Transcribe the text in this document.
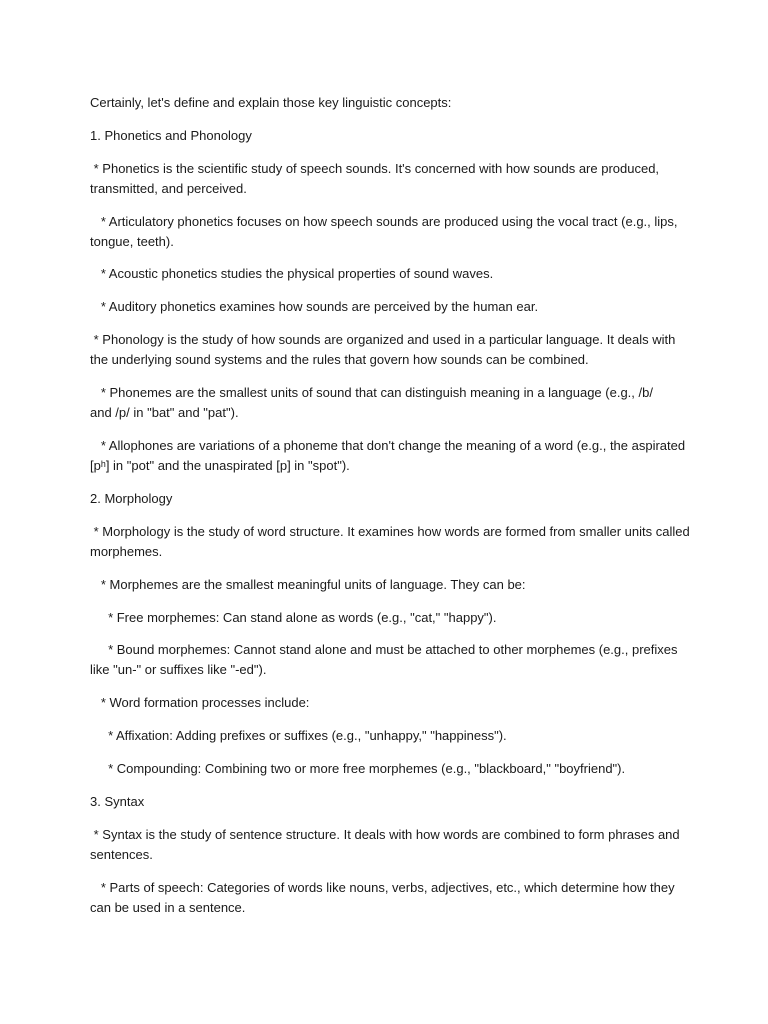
Certainly, let's define and explain those key linguistic concepts:

1. Phonetics and Phonology

* Phonetics is the scientific study of speech sounds. It's concerned with how sounds are produced, transmitted, and perceived.

* Articulatory phonetics focuses on how speech sounds are produced using the vocal tract (e.g., lips, tongue, teeth).

* Acoustic phonetics studies the physical properties of sound waves.

* Auditory phonetics examines how sounds are perceived by the human ear.

* Phonology is the study of how sounds are organized and used in a particular language. It deals with the underlying sound systems and the rules that govern how sounds can be combined.

* Phonemes are the smallest units of sound that can distinguish meaning in a language (e.g., /b/

and /p/ in "bat" and "pat").

* Allophones are variations of a phoneme that don't change the meaning of a word (e.g., the aspirated [pʰ] in "pot" and the unaspirated [p] in "spot").

2. Morphology

* Morphology is the study of word structure. It examines how words are formed from smaller units called morphemes.

* Morphemes are the smallest meaningful units of language. They can be:

* Free morphemes: Can stand alone as words (e.g., "cat," "happy").

* Bound morphemes: Cannot stand alone and must be attached to other morphemes (e.g., prefixes like "un-" or suffixes like "-ed").

* Word formation processes include:

* Affixation: Adding prefixes or suffixes (e.g., "unhappy," "happiness").

* Compounding: Combining two or more free morphemes (e.g., "blackboard," "boyfriend").

3. Syntax

* Syntax is the study of sentence structure. It deals with how words are combined to form phrases and sentences.

* Parts of speech: Categories of words like nouns, verbs, adjectives, etc., which determine how they can be used in a sentence.
